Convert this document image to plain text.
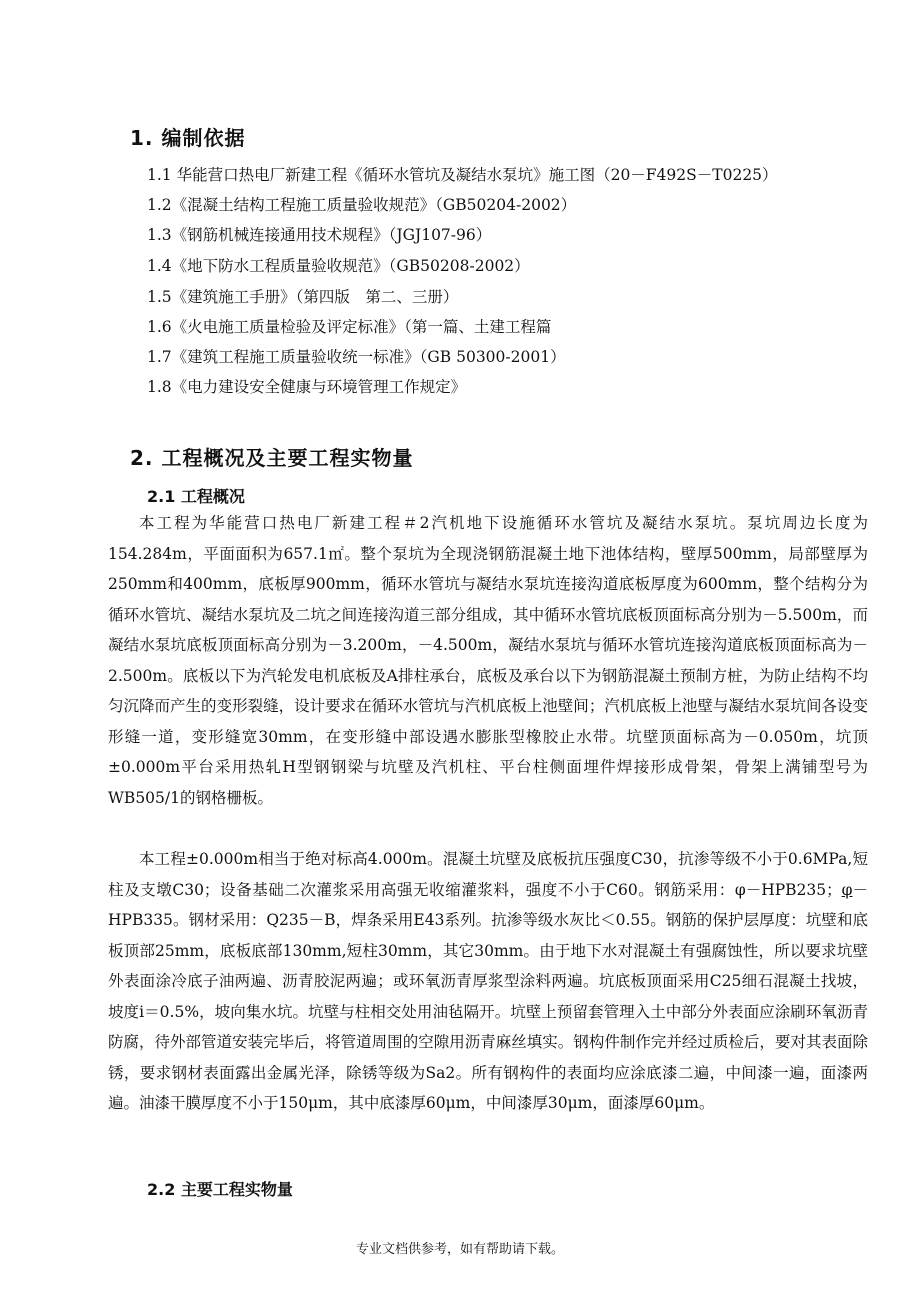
1. 编制依据
1.1 华能营口热电厂新建工程《循环水管坑及凝结水泵坑》施工图（20－F492S－T0225）
1.2《混凝土结构工程施工质量验收规范》（GB50204-2002）
1.3《钢筋机械连接通用技术规程》（JGJ107-96）
1.4《地下防水工程质量验收规范》（GB50208-2002）
1.5《建筑施工手册》（第四版　第二、三册）
1.6《火电施工质量检验及评定标准》（第一篇、土建工程篇
1.7《建筑工程施工质量验收统一标准》（GB 50300-2001）
1.8《电力建设安全健康与环境管理工作规定》
2. 工程概况及主要工程实物量
2.1 工程概况
本工程为华能营口热电厂新建工程＃2汽机地下设施循环水管坑及凝结水泵坑。泵坑周边长度为154.284m，平面面积为657.1㎡。整个泵坑为全现浇钢筋混凝土地下池体结构，壁厚500mm，局部壁厚为250mm和400mm，底板厚900mm，循环水管坑与凝结水泵坑连接沟道底板厚度为600mm，整个结构分为循环水管坑、凝结水泵坑及二坑之间连接沟道三部分组成，其中循环水管坑底板顶面标高分别为－5.500m，而凝结水泵坑底板顶面标高分别为－3.200m，－4.500m，凝结水泵坑与循环水管坑连接沟道底板顶面标高为－2.500m。底板以下为汽轮发电机底板及A排柱承台，底板及承台以下为钢筋混凝土预制方桩，为防止结构不均匀沉降而产生的变形裂缝，设计要求在循环水管坑与汽机底板上池壁间；汽机底板上池壁与凝结水泵坑间各设变形缝一道，变形缝宽30mm，在变形缝中部设遇水膨胀型橡胶止水带。坑壁顶面标高为－0.050m，坑顶±0.000m平台采用热轧H型钢钢梁与坑壁及汽机柱、平台柱侧面埋件焊接形成骨架，骨架上满铺型号为WB505/1的钢格栅板。
本工程±0.000m相当于绝对标高4.000m。混凝土坑壁及底板抗压强度C30，抗渗等级不小于0.6MPa,短柱及支墩C30；设备基础二次灌浆采用高强无收缩灌浆料，强度不小于C60。钢筋采用：φ－HPB235；φ－HPB335。钢材采用：Q235－B，焊条采用E43系列。抗渗等级水灰比＜0.55。钢筋的保护层厚度：坑壁和底板顶部25mm，底板底部130mm,短柱30mm，其它30mm。由于地下水对混凝土有强腐蚀性，所以要求坑壁外表面涂冷底子油两遍、沥青胶泥两遍；或环氧沥青厚浆型涂料两遍。坑底板顶面采用C25细石混凝土找坡，坡度i＝0.5%，坡向集水坑。坑壁与柱相交处用油毡隔开。坑壁上预留套管理入土中部分外表面应涂刷环氧沥青防腐，待外部管道安装完毕后，将管道周围的空隙用沥青麻丝填实。钢构件制作完并经过质检后，要对其表面除锈，要求钢材表面露出金属光泽，除锈等级为Sa2。所有钢构件的表面均应涂底漆二遍，中间漆一遍，面漆两遍。油漆干膜厚度不小于150μm，其中底漆厚60μm，中间漆厚30μm，面漆厚60μm。
2.2 主要工程实物量
专业文档供参考，如有帮助请下载。
